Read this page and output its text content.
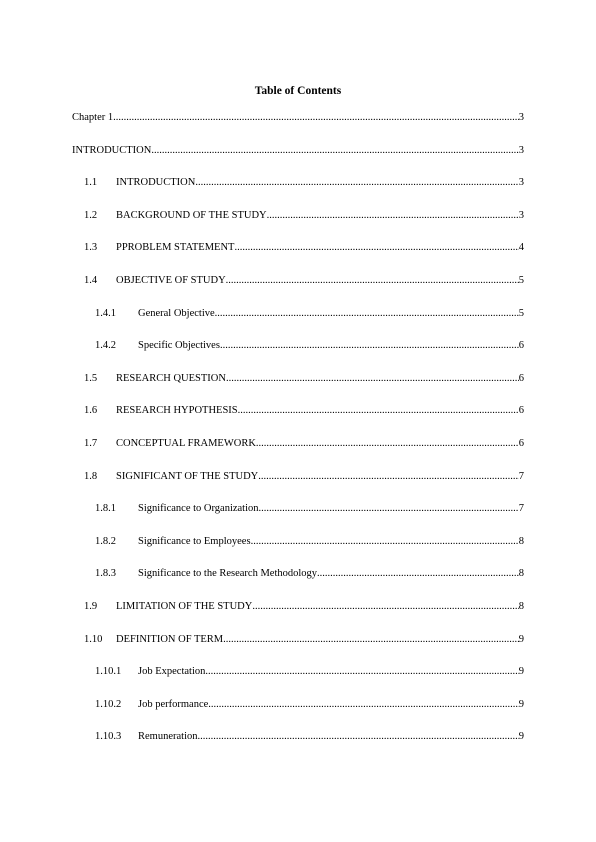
Table of Contents
Chapter 1 .....	3
INTRODUCTION .....	3
1.1	INTRODUCTION .....	3
1.2	BACKGROUND OF THE STUDY .....	3
1.3	PPROBLEM STATEMENT .....	4
1.4	OBJECTIVE OF STUDY .....	5
1.4.1	General Objective .....	5
1.4.2	Specific Objectives .....	6
1.5	RESEARCH QUESTION .....	6
1.6	RESEARCH HYPOTHESIS .....	6
1.7	CONCEPTUAL FRAMEWORK .....	6
1.8	SIGNIFICANT OF THE STUDY .....	7
1.8.1	Significance to Organization .....	7
1.8.2	Significance to Employees .....	8
1.8.3	Significance to the Research Methodology .....	8
1.9	LIMITATION OF THE STUDY .....	8
1.10	DEFINITION OF TERM .....	9
1.10.1	Job Expectation .....	9
1.10.2	Job performance .....	9
1.10.3	Remuneration .....	9
